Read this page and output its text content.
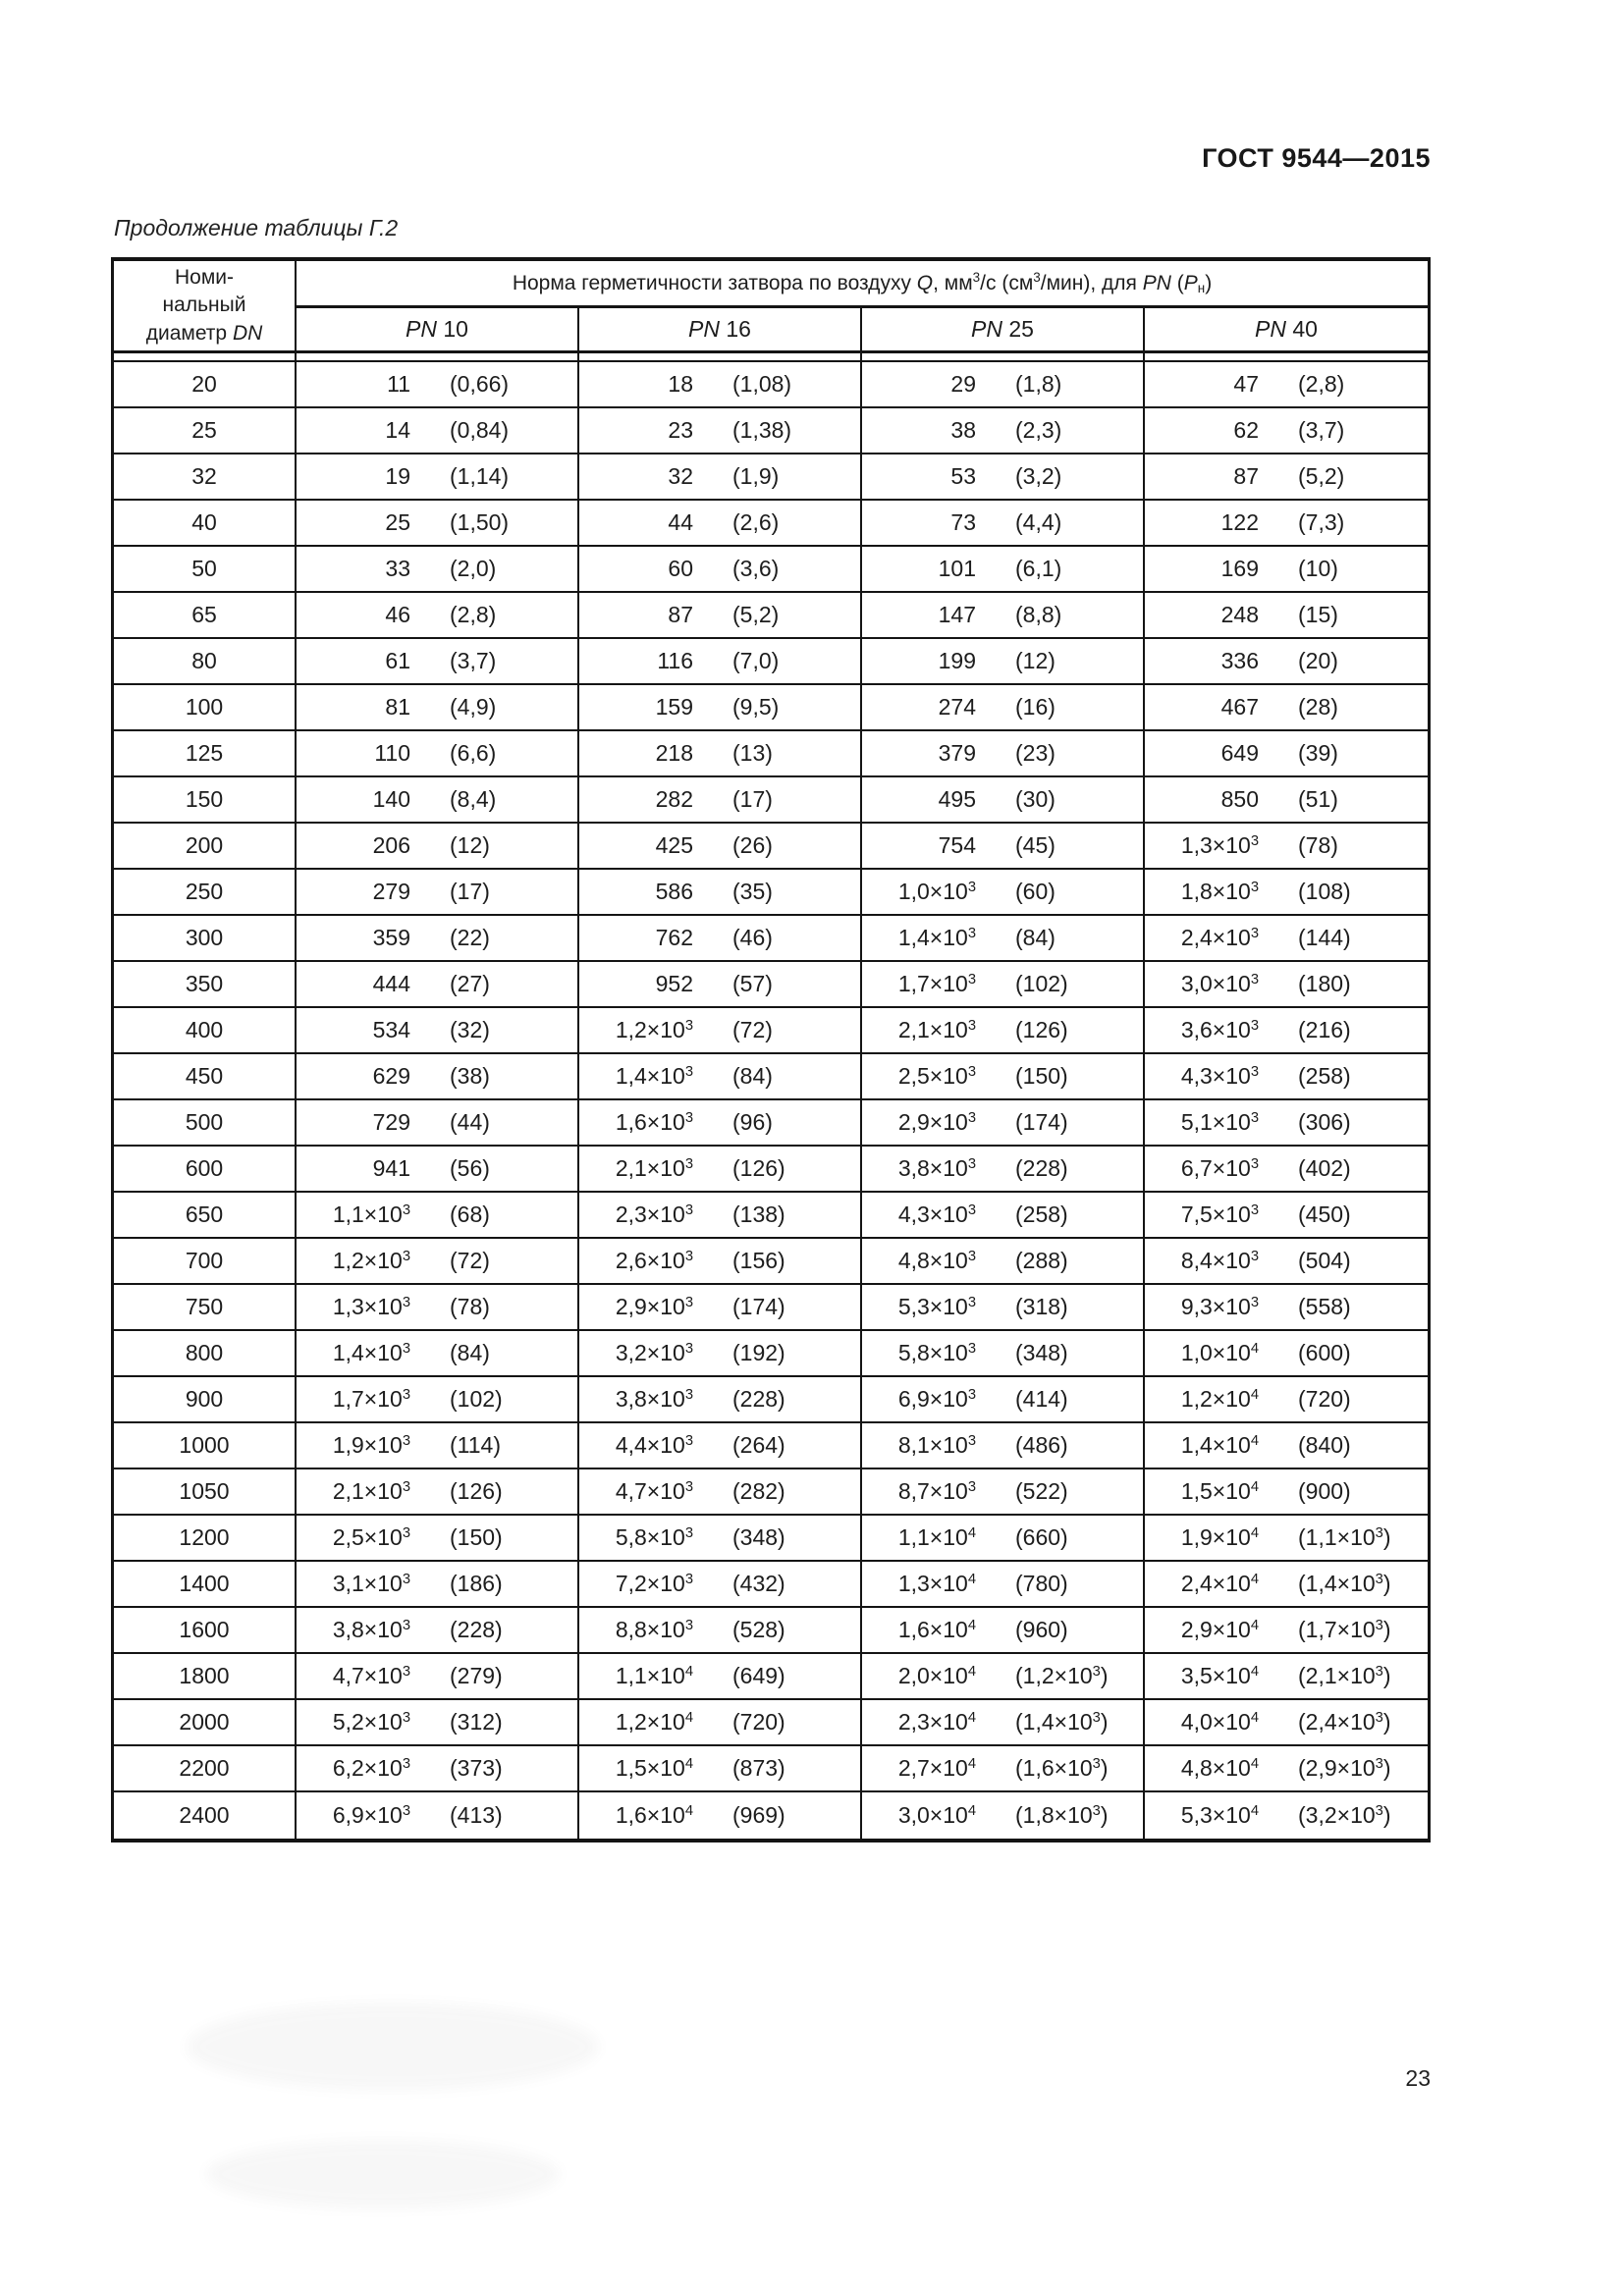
ГОСТ 9544—2015
Продолжение таблицы Г.2
Номи-
нальный
диаметр DN	Норма герметичности затвора по воздуху Q, $мм^3/с$ $(см^3/мин)$, для PN $(P_н)$			
	PN 10	PN 16	PN 25	PN 40

20	11 (0,66)	18 (1,08)	29 (1,8)	47 (2,8)

25	14 (0,84)	23 (1,38)	38 (2,3)	62 (3,7)

32	19 (1,14)	32 (1,9)	53 (3,2)	87 (5,2)

40	25 (1,50)	44 (2,6)	73 (4,4)	122 (7,3)

50	33 (2,0)	60 (3,6)	101 (6,1)	169 (10)

65	46 (2,8)	87 (5,2)	147 (8,8)	248 (15)

80	61 (3,7)	116 (7,0)	199 (12)	336 (20)

100	81 (4,9)	159 (9,5)	274 (16)	467 (28)

125	110 (6,6)	218 (13)	379 (23)	649 (39)

150	140 (8,4)	282 (17)	495 (30)	850 (51)

200	206 (12)	425 (26)	754 (45)	$1,3\times 10^3$ (78)

250	279 (17)	586 (35)	$1,0\times 10^3$ (60)	$1,8\times 10^3$ (108)

300	359 (22)	762 (46)	$1,4\times 10^3$ (84)	$2,4\times 10^3$ (144)

350	444 (27)	952 (57)	$1,7\times 10^3$ (102)	$3,0\times 10^3$ (180)

400	534 (32)	$1,2\times 10^3$ (72)	$2,1\times 10^3$ (126)	$3,6\times 10^3$ (216)

450	629 (38)	$1,4\times 10^3$ (84)	$2,5\times 10^3$ (150)	$4,3\times 10^3$ (258)

500	729 (44)	$1,6\times 10^3$ (96)	$2,9\times 10^3$ (174)	$5,1\times 10^3$ (306)

600	941 (56)	$2,1\times 10^3$ (126)	$3,8\times 10^3$ (228)	$6,7\times 10^3$ (402)

650	$1,1\times 10^3$ (68)	$2,3\times 10^3$ (138)	$4,3\times 10^3$ (258)	$7,5\times 10^3$ (450)

700	$1,2\times 10^3$ (72)	$2,6\times 10^3$ (156)	$4,8\times 10^3$ (288)	$8,4\times 10^3$ (504)

750	$1,3\times 10^3$ (78)	$2,9\times 10^3$ (174)	$5,3\times 10^3$ (318)	$9,3\times 10^3$ (558)

800	$1,4\times 10^3$ (84)	$3,2\times 10^3$ (192)	$5,8\times 10^3$ (348)	$1,0\times 10^4$ (600)

900	$1,7\times 10^3$ (102)	$3,8\times 10^3$ (228)	$6,9\times 10^3$ (414)	$1,2\times 10^4$ (720)

1000	$1,9\times 10^3$ (114)	$4,4\times 10^3$ (264)	$8,1\times 10^3$ (486)	$1,4\times 10^4$ (840)

1050	$2,1\times 10^3$ (126)	$4,7\times 10^3$ (282)	$8,7\times 10^3$ (522)	$1,5\times 10^4$ (900)

1200	$2,5\times 10^3$ (150)	$5,8\times 10^3$ (348)	$1,1\times 10^4$ (660)	$1,9\times 10^4$ $(1,1\times 10^3)$

1400	$3,1\times 10^3$ (186)	$7,2\times 10^3$ (432)	$1,3\times 10^4$ (780)	$2,4\times 10^4$ $(1,4\times 10^3)$

1600	$3,8\times 10^3$ (228)	$8,8\times 10^3$ (528)	$1,6\times 10^4$ (960)	$2,9\times 10^4$ $(1,7\times 10^3)$

1800	$4,7\times 10^3$ (279)	$1,1\times 10^4$ (649)	$2,0\times 10^4$ $(1,2\times 10^3)$	$3,5\times 10^4$ $(2,1\times 10^3)$

2000	$5,2\times 10^3$ (312)	$1,2\times 10^4$ (720)	$2,3\times 10^4$ $(1,4\times 10^3)$	$4,0\times 10^4$ $(2,4\times 10^3)$

2200	$6,2\times 10^3$ (373)	$1,5\times 10^4$ (873)	$2,7\times 10^4$ $(1,6\times 10^3)$	$4,8\times 10^4$ $(2,9\times 10^3)$

2400	$6,9\times 10^3$ (413)	$1,6\times 10^4$ (969)	$3,0\times 10^4$ $(1,8\times 10^3)$	$5,3\times 10^4$ $(3,2\times 10^3)$
23
